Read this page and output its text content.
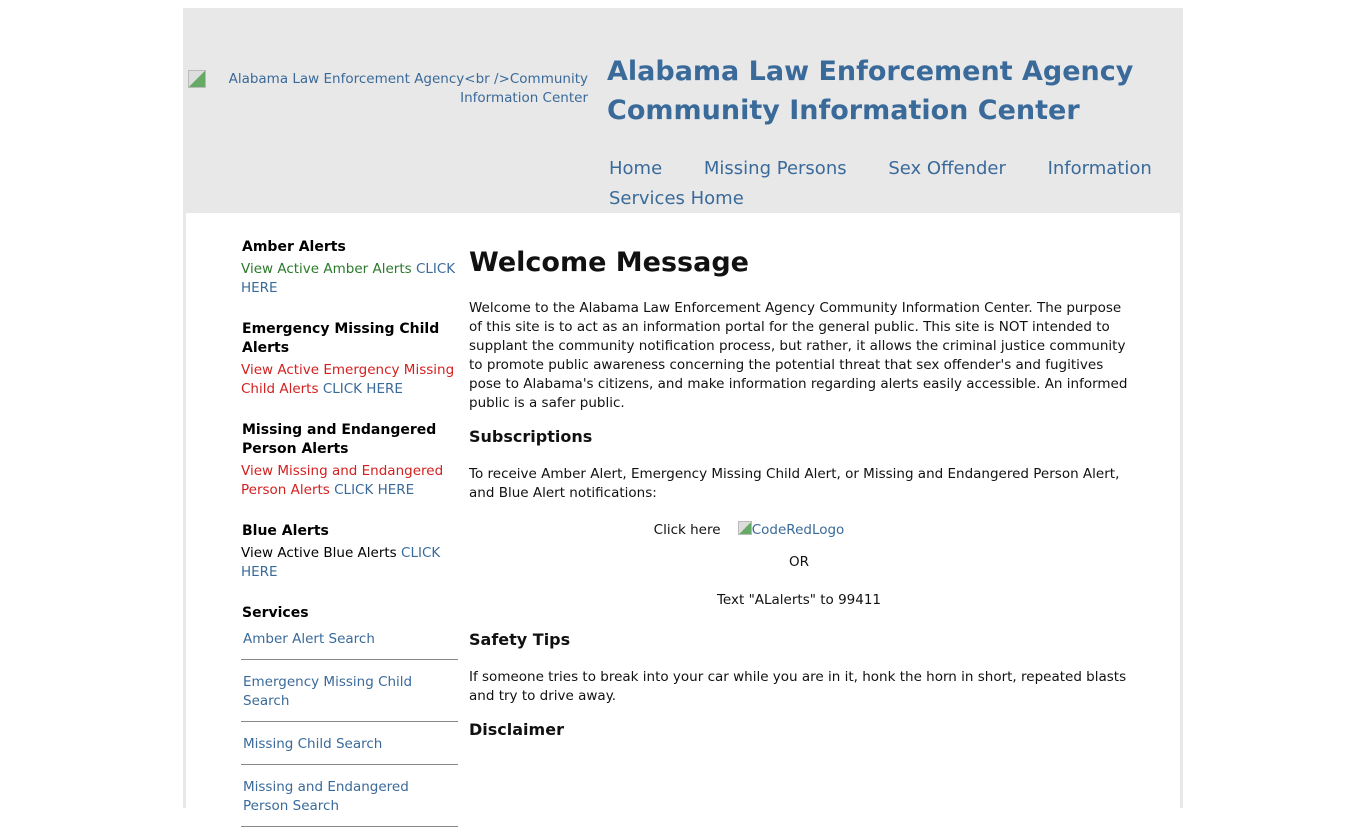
Alabama Law Enforcement Agency<br />Community Information Center
Alabama Law Enforcement Agency
Community Information Center
Home Missing Persons Sex Offender Information
Services Home
Amber Alerts
View Active Amber Alerts CLICK HERE
Emergency Missing Child Alerts
View Active Emergency Missing Child Alerts CLICK HERE
Missing and Endangered Person Alerts
View Missing and Endangered Person Alerts CLICK HERE
Blue Alerts
View Active Blue Alerts CLICK HERE
Services
Amber Alert Search
Emergency Missing Child Search
Missing Child Search
Missing and Endangered Person Search
Welcome Message

Welcome to the Alabama Law Enforcement Agency Community Information Center. The purpose of this site is to act as an information portal for the general public. This site is NOT intended to supplant the community notification process, but rather, it allows the criminal justice community to promote public awareness concerning the potential threat that sex offender's and fugitives pose to Alabama's citizens, and make information regarding alerts easily accessible. An informed public is a safer public.

Subscriptions

To receive Amber Alert, Emergency Missing Child Alert, or Missing and Endangered Person Alert, and Blue Alert notifications:

Click here CodeRedLogo

OR

Text "ALalerts" to 99411

Safety Tips

If someone tries to break into your car while you are in it, honk the horn in short, repeated blasts and try to drive away.

Disclaimer
